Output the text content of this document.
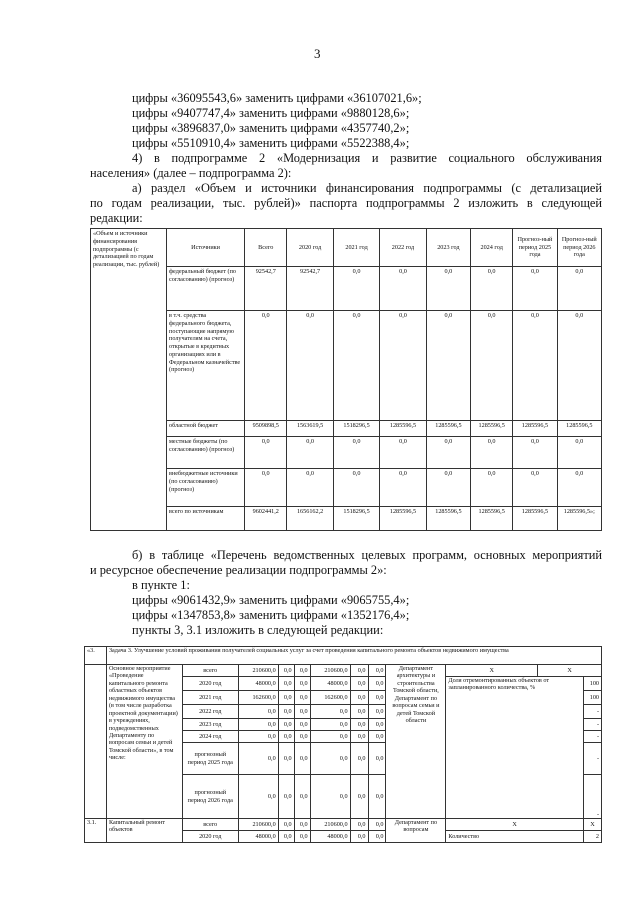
3
цифры «36095543,6» заменить цифрами «36107021,6»;
цифры «9407747,4» заменить цифрами «9880128,6»;
цифры «3896837,0» заменить цифрами «4357740,2»;
цифры «5510910,4» заменить цифрами «5522388,4»;
4) в подпрограмме 2 «Модернизация и развитие социального обслуживания
населения» (далее – подпрограмма 2):
а) раздел «Объем и источники финансирования подпрограммы (с детализацией
по годам реализации, тыс. рублей)» паспорта подпрограммы 2 изложить в следующей
редакции:
«Объем и источники финансирования подпрограммы (с детализацией по годам реализации, тыс. рублей)	Источники	Всего	2020 год	2021 год	2022 год	2023 год	2024 год	Прогноз-ный период 2025 года	Прогноз-ный период 2026 года
	федеральный бюджет (по согласованию) (прогноз)	92542,7	92542,7	0,0	0,0	0,0	0,0	0,0	0,0
	в т.ч. средства федерального бюджета, поступающие напрямую получателям на счета, открытые в кредитных организациях или в Федеральном казначействе (прогноз)	0,0	0,0	0,0	0,0	0,0	0,0	0,0	0,0
	областной бюджет	9509898,5	1563619,5	1518296,5	1285596,5	1285596,5	1285596,5	1285596,5	1285596,5
	местные бюджеты (по согласованию) (прогноз)	0,0	0,0	0,0	0,0	0,0	0,0	0,0	0,0
	внебюджетные источники (по согласованию) (прогноз)	0,0	0,0	0,0	0,0	0,0	0,0	0,0	0,0
	всего по источникам	9602441,2	1656162,2	1518296,5	1285596,5	1285596,5	1285596,5	1285596,5	1285596,5»;
б) в таблице «Перечень ведомственных целевых программ, основных мероприятий
и ресурсное обеспечение реализации подпрограммы 2»:
в пункте 1:
цифры «9061432,9» заменить цифрами «9065755,4»;
цифры «1347853,8» заменить цифрами «1352176,4»;
пункты 3, 3.1 изложить в следующей редакции:
«3.	Задача 3. Улучшение условий проживания получателей социальных услуг за счет проведения капитального ремонта объектов недвижимого имущества											
	Основное мероприятие «Проведение капитального ремонта областных объектов недвижимого имущества (в том числе разработка проектной документации) в учреждениях, подведомственных Департаменту по вопросам семьи и детей Томской области», в том числе:	всего	210600,0	0,0	0,0	210600,0	0,0	0,0	Департамент архитектуры и строительства Томской области, Департамент по вопросам семьи и детей Томской области	X	X	
		2020 год	48000,0	0,0	0,0	48000,0	0,0	0,0		Доля отремонтированных объектов от запланированного количества, %		100
		2021 год	162600,0	0,0	0,0	162600,0	0,0	0,0				100
		2022 год	0,0	0,0	0,0	0,0	0,0	0,0				-
		2023 год	0,0	0,0	0,0	0,0	0,0	0,0				-
		2024 год	0,0	0,0	0,0	0,0	0,0	0,0				-
		прогнозный период 2025 года	0,0	0,0	0,0	0,0	0,0	0,0				-
		прогнозный период 2026 года	0,0	0,0	0,0	0,0	0,0	0,0				-
3.1.	Капитальный ремонт объектов	всего	210600,0	0,0	0,0	210600,0	0,0	0,0	Департамент по вопросам	X		X
		2020 год	48000,0	0,0	0,0	48000,0	0,0	0,0		Количество		2
